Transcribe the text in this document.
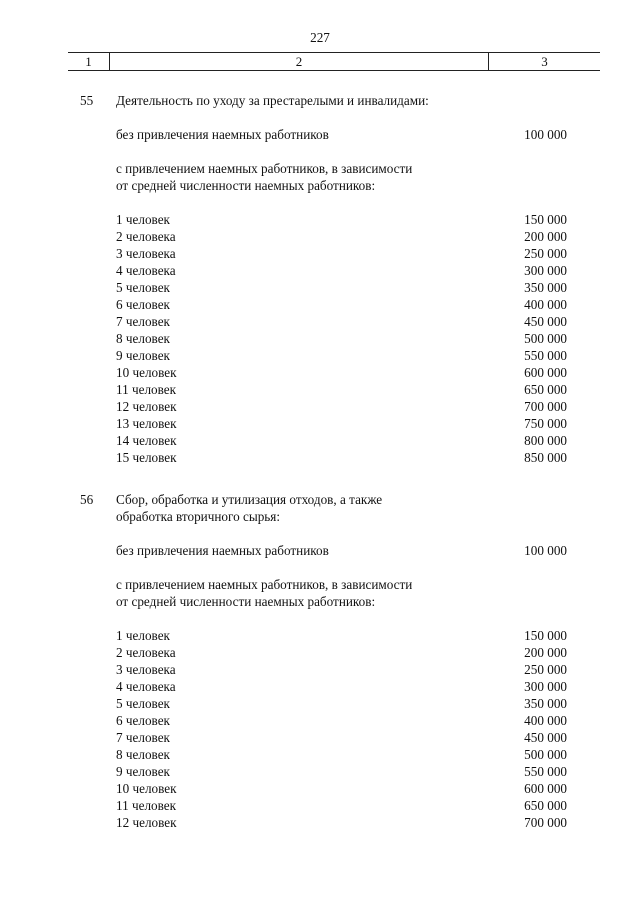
227
1	2	3
55 Деятельность по уходу за престарелыми и инвалидами:
без привлечения наемных работников	100 000
с привлечением наемных работников, в зависимости
от средней численности наемных работников:
1 человек	150 000
2 человека	200 000
3 человека	250 000
4 человека	300 000
5 человек	350 000
6 человек	400 000
7 человек	450 000
8 человек	500 000
9 человек	550 000
10 человек	600 000
11 человек	650 000
12 человек	700 000
13 человек	750 000
14 человек	800 000
15 человек	850 000
56 Сбор, обработка и утилизация отходов, а также
обработка вторичного сырья:
без привлечения наемных работников	100 000
с привлечением наемных работников, в зависимости
от средней численности наемных работников:
1 человек	150 000
2 человека	200 000
3 человека	250 000
4 человека	300 000
5 человек	350 000
6 человек	400 000
7 человек	450 000
8 человек	500 000
9 человек	550 000
10 человек	600 000
11 человек	650 000
12 человек	700 000
